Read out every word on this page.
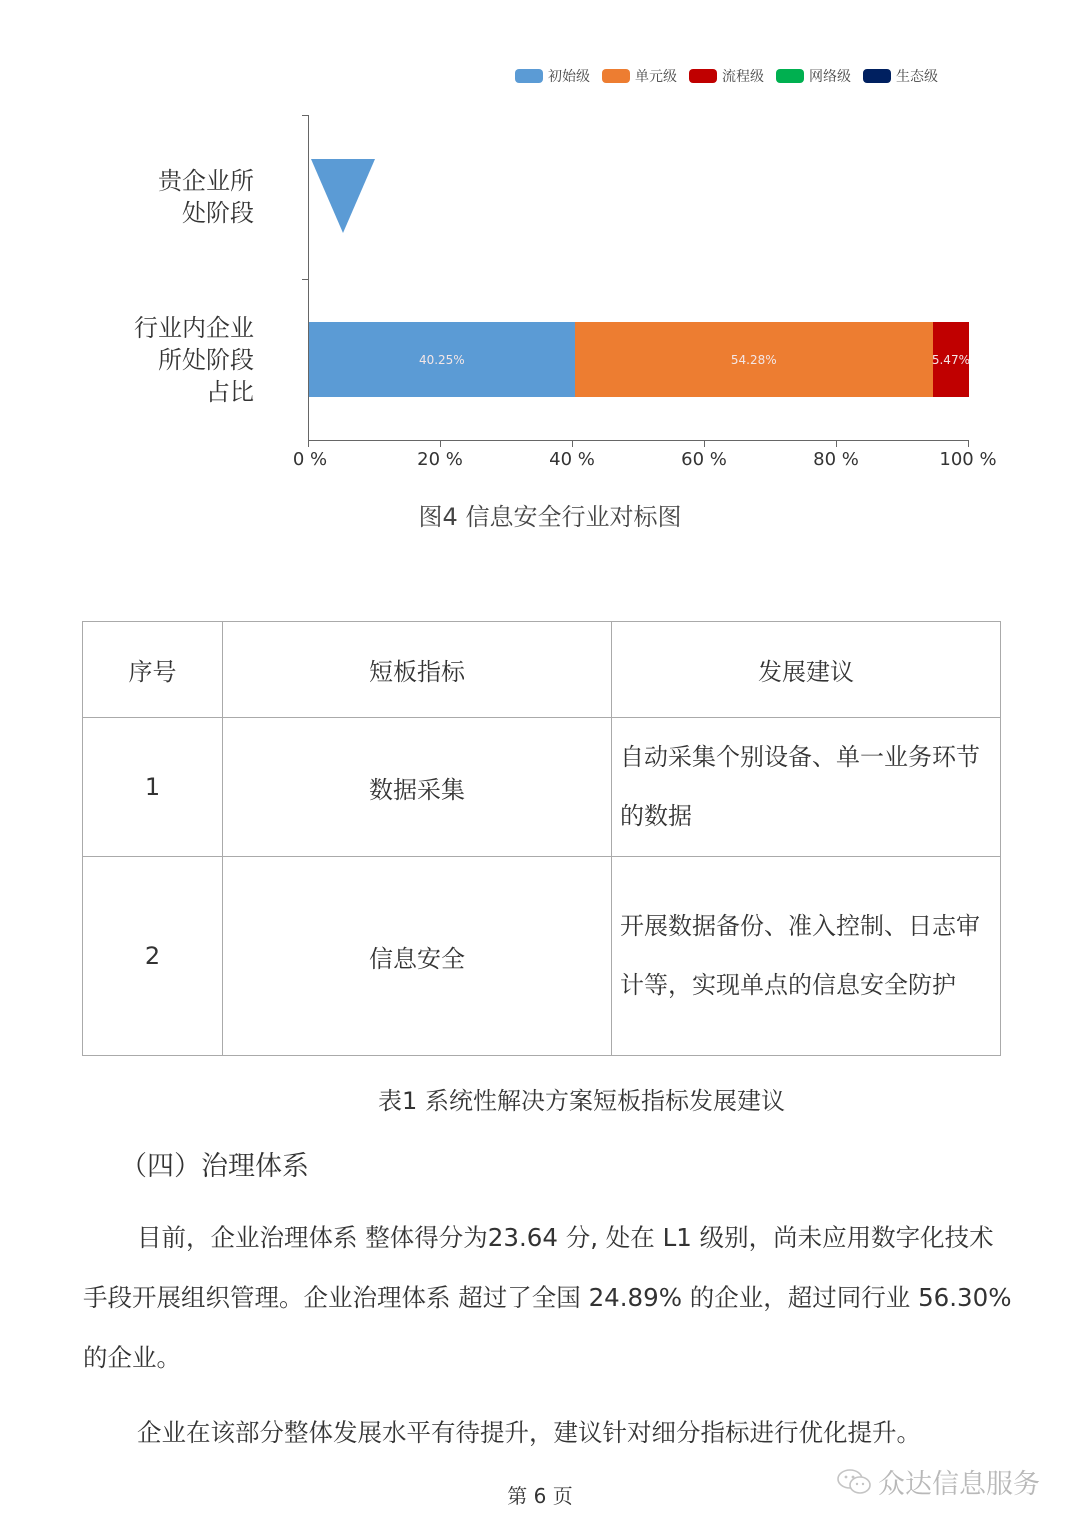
初始级	单元级	流程级	网络级	生态级
贵企业所
处阶段
行业内企业
所处阶段
占比
0 %	20 %	40 %	60 %	80 %	100 %
40.25%	54.28%	5.47%
图4 信息安全行业对标图
序号	短板指标	发展建议
1	数据采集	自动采集个别设备、单一业务环节的数据
2	信息安全	开展数据备份、准入控制、日志审计等，实现单点的信息安全防护
表1 系统性解决方案短板指标发展建议
（四）治理体系
目前，企业治理体系 整体得分为23.64 分, 处在 L1 级别，尚未应用数字化技术手段开展组织管理。企业治理体系 超过了全国 24.89% 的企业，超过同行业 56.30% 的企业。
企业在该部分整体发展水平有待提升，建议针对细分指标进行优化提升。
第 6 页	众达信息服务
